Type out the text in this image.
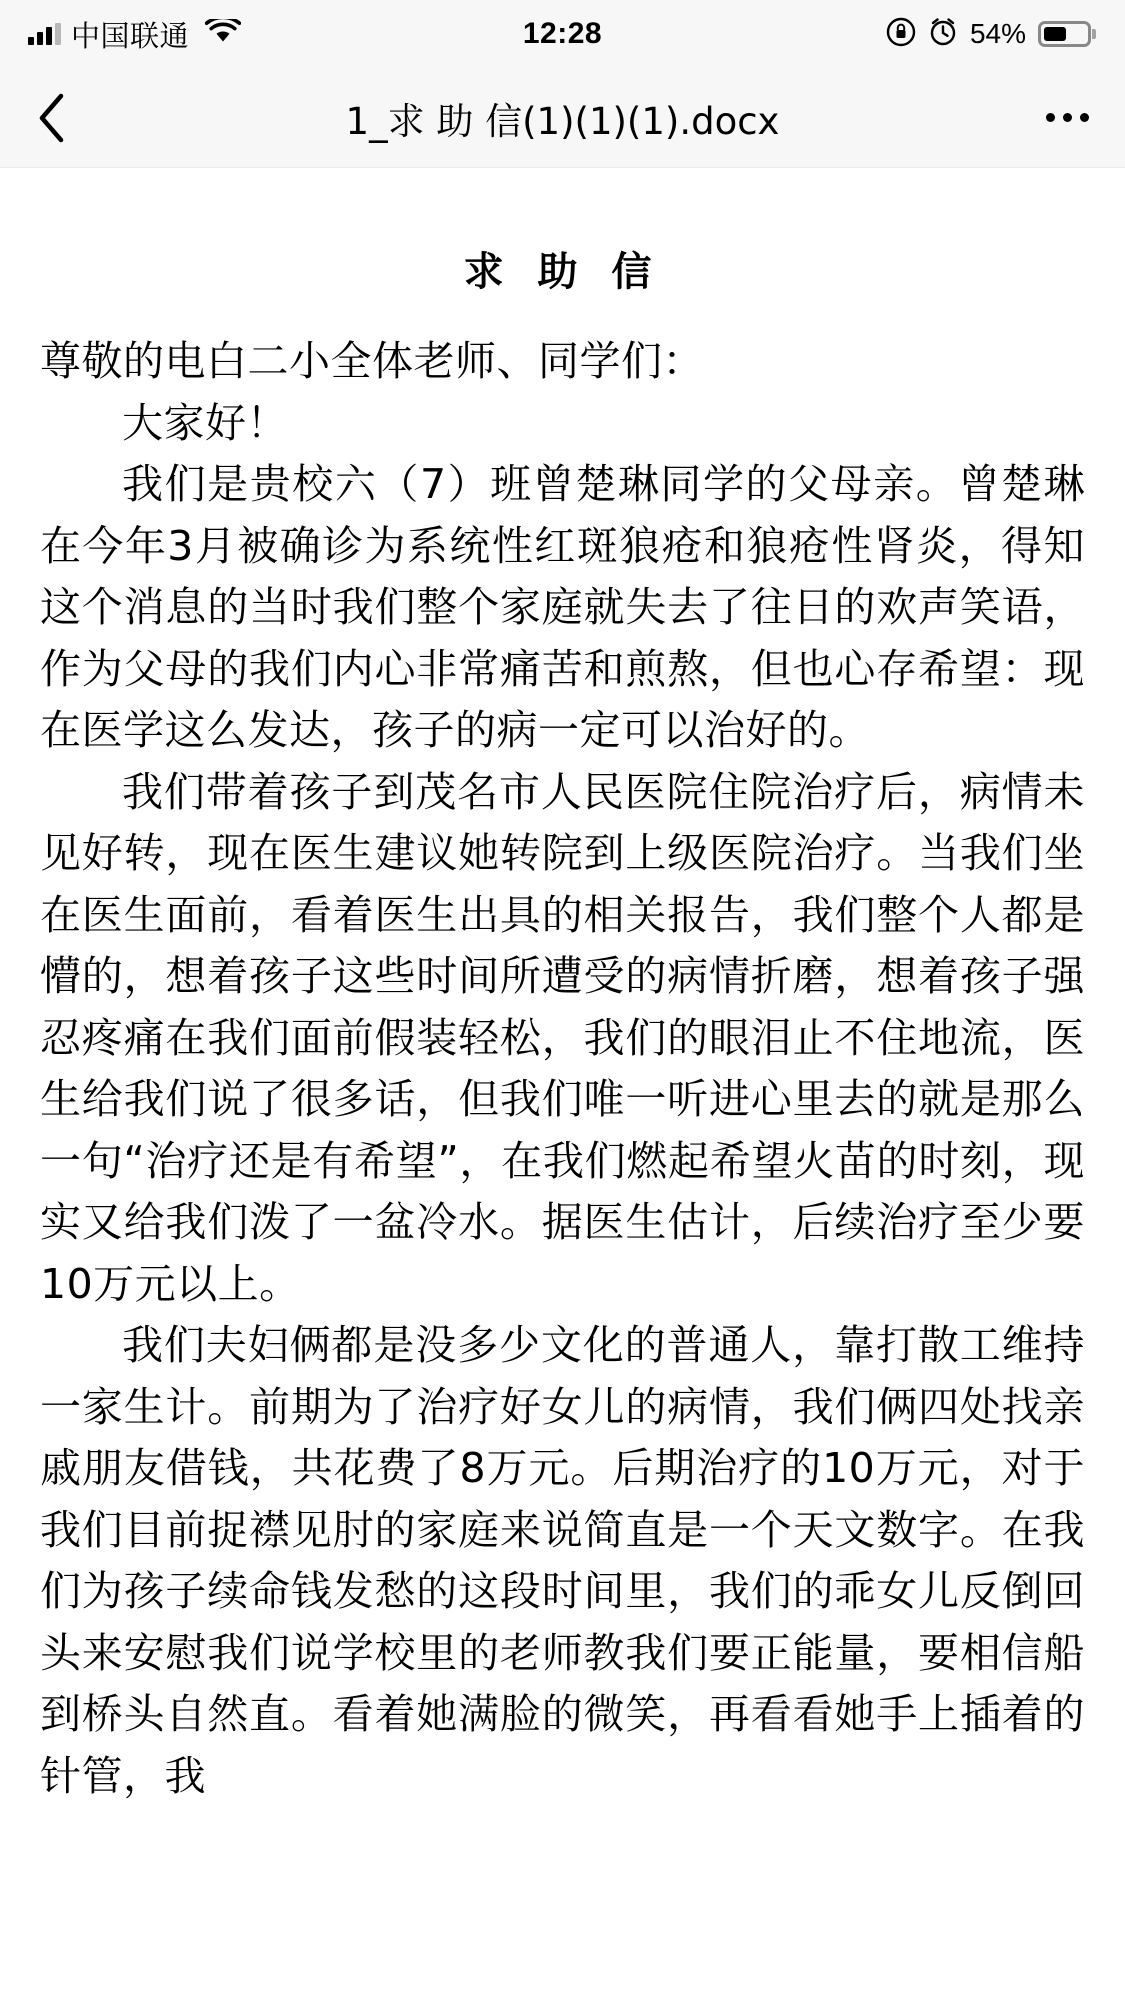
中国联通	12:28	54%
1_求 助 信(1)(1)(1).docx
求 助 信

尊敬的电白二小全体老师、同学们：

大家好！

我们是贵校六（7）班曾楚琳同学的父母亲。曾楚琳在今年3月被确诊为系统性红斑狼疮和狼疮性肾炎，得知这个消息的当时我们整个家庭就失去了往日的欢声笑语，作为父母的我们内心非常痛苦和煎熬，但也心存希望：现在医学这么发达，孩子的病一定可以治好的。

我们带着孩子到茂名市人民医院住院治疗后，病情未见好转，现在医生建议她转院到上级医院治疗。当我们坐在医生面前，看着医生出具的相关报告，我们整个人都是懵的，想着孩子这些时间所遭受的病情折磨，想着孩子强忍疼痛在我们面前假装轻松，我们的眼泪止不住地流，医生给我们说了很多话，但我们唯一听进心里去的就是那么一句“治疗还是有希望”，在我们燃起希望火苗的时刻，现实又给我们泼了一盆冷水。据医生估计，后续治疗至少要10万元以上。

我们夫妇俩都是没多少文化的普通人，靠打散工维持一家生计。前期为了治疗好女儿的病情，我们俩四处找亲戚朋友借钱，共花费了8万元。后期治疗的10万元，对于我们目前捉襟见肘的家庭来说简直是一个天文数字。在我们为孩子续命钱发愁的这段时间里，我们的乖女儿反倒回头来安慰我们说学校里的老师教我们要正能量，要相信船到桥头自然直。看着她满脸的微笑，再看看她手上插着的针管，我
